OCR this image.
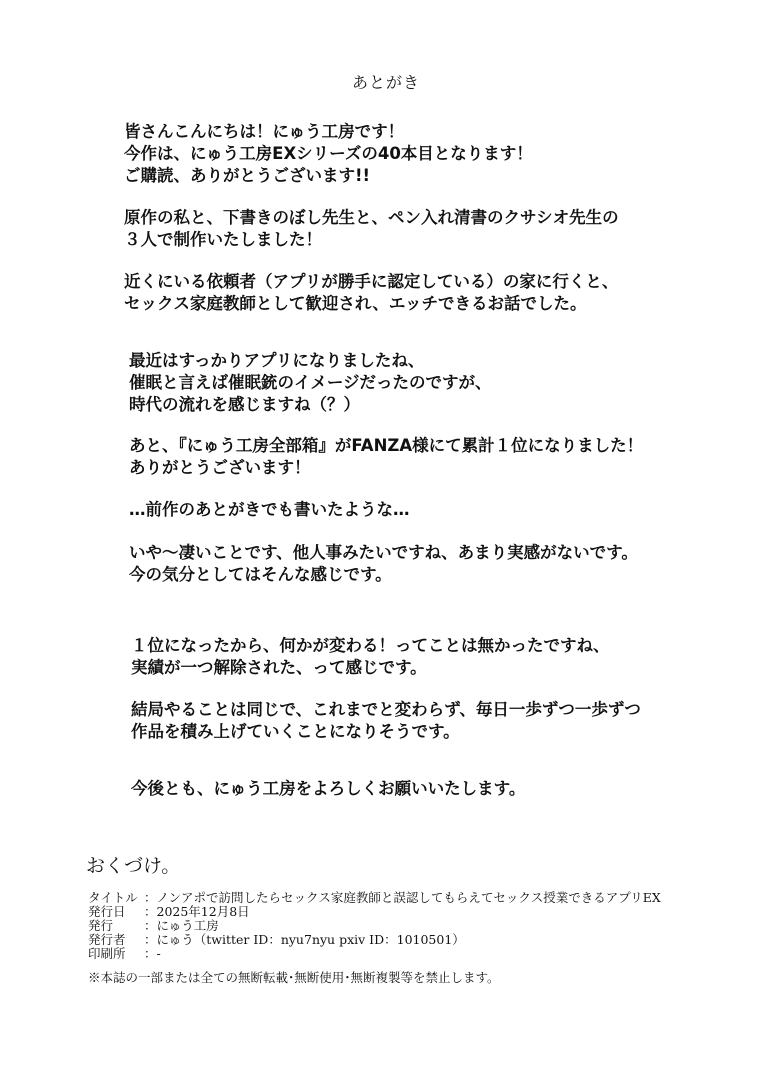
あとがき
皆さんこんにちは！にゅう工房です！
今作は、にゅう工房EXシリーズの40本目となります！
ご購読、ありがとうございます!!
原作の私と、下書きのぼし先生と、ペン入れ清書のクサシオ先生の
３人で制作いたしました！
近くにいる依頼者（アプリが勝手に認定している）の家に行くと、
セックス家庭教師として歓迎され、エッチできるお話でした。
最近はすっかりアプリになりましたね、
催眠と言えば催眠銃のイメージだったのですが、
時代の流れを感じますね（？）
あと、『にゅう工房全部箱』がFANZA様にて累計１位になりました！
ありがとうございます！
…前作のあとがきでも書いたような…
いや〜凄いことです、他人事みたいですね、あまり実感がないです。
今の気分としてはそんな感じです。
１位になったから、何かが変わる！ってことは無かったですね、
実績が一つ解除された、って感じです。
結局やることは同じで、これまでと変わらず、毎日一歩ずつ一歩ずつ
作品を積み上げていくことになりそうです。
今後とも、にゅう工房をよろしくお願いいたします。
おくづけ。
タイトル ：ノンアポで訪問したらセックス家庭教師と誤認してもらえてセックス授業できるアプリEX
発行日 ：2025年12月8日
発行 ：にゅう工房
発行者 ：にゅう（twitter ID：nyu7nyu pxiv ID：1010501）
印刷所 ：-
※本誌の一部または全ての無断転載･無断使用･無断複製等を禁止します。
